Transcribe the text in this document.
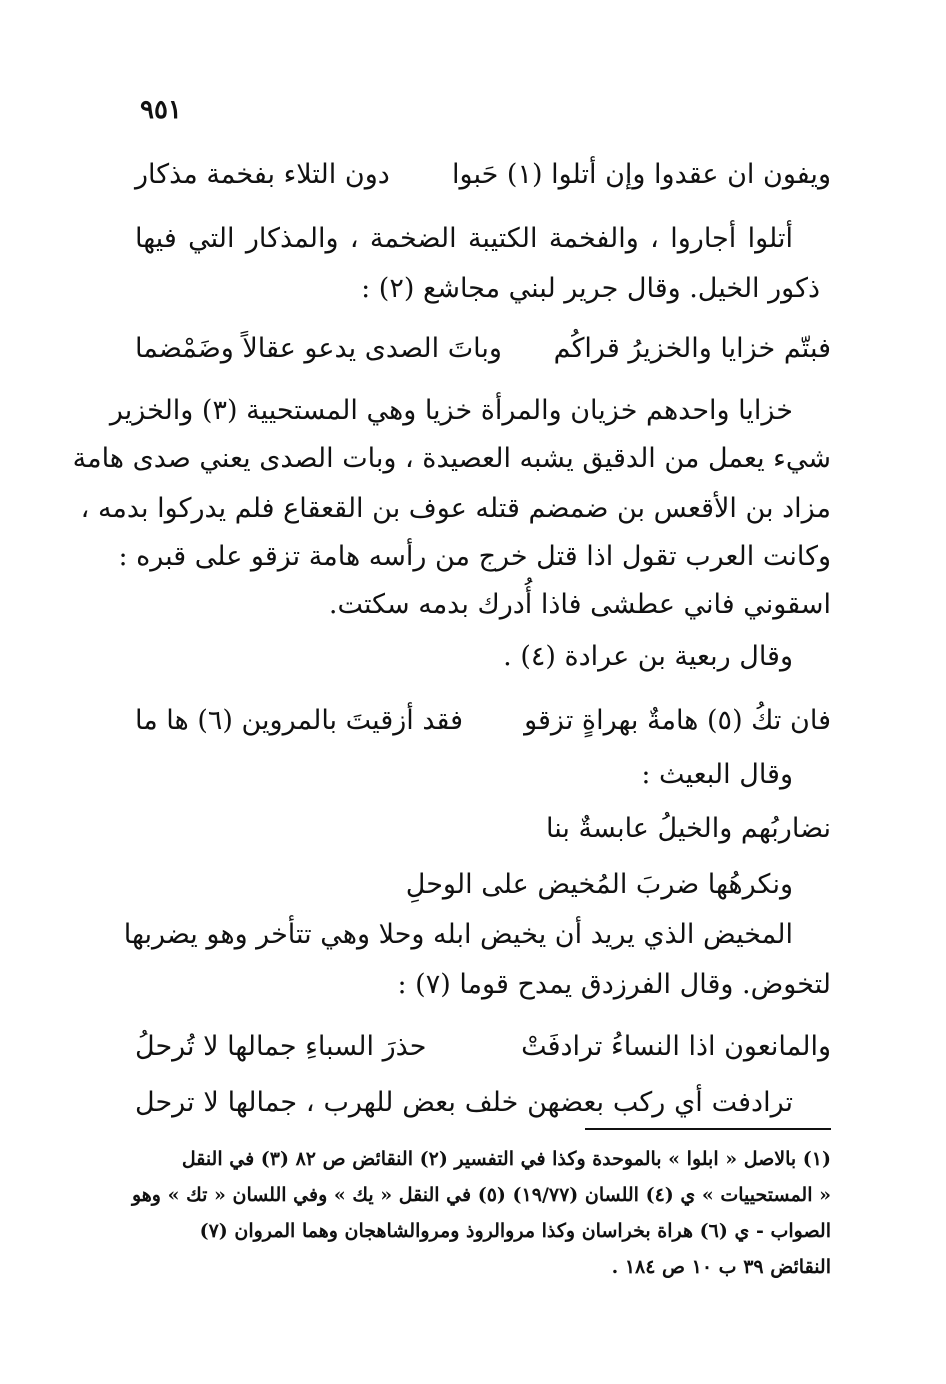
٩٥١
ويفون ان عقدوا وإن أتلوا (١) حَبوا
دون التلاء بفخمة مذكار
أتلوا أجاروا ، والفخمة الكتيبة الضخمة ، والمذكار التي فيها
ذكور الخيل. وقال جرير لبني مجاشع (٢) :
فبتّم خزايا والخزيرُ قراكُم
وباتَ الصدى يدعو عقالاً وضَمْضما
خزايا واحدهم خزيان والمرأة خزيا وهي المستحيية (٣) والخزير
شيء يعمل من الدقيق يشبه العصيدة ، وبات الصدى يعني صدى هامة
مزاد بن الأقعس بن ضمضم قتله عوف بن القعقاع فلم يدركوا بدمه ،
وكانت العرب تقول اذا قتل خرج من رأسه هامة تزقو على قبره :
اسقوني فاني عطشى فاذا أُدرك بدمه سكتت.
وقال ربعية بن عرادة (٤) .
فان تكُ (٥) هامةٌ بهراةٍ تزقو
فقد أزقيتَ بالمروين (٦) ها ما
وقال البعيث :
نضاربُهم والخيلُ عابسةٌ بنا
ونكرهُها ضربَ المُخيض على الوحلِ
المخيض الذي يريد أن يخيض ابله وحلا وهي تتأخر وهو يضربها
لتخوض. وقال الفرزدق يمدح قوما (٧) :
والمانعون اذا النساءُ ترادفَتْ
حذرَ السباءِ جمالها لا تُرحلُ
ترادفت أي ركب بعضهن خلف بعض للهرب ، جمالها لا ترحل
(١) بالاصل « ابلوا » بالموحدة وكذا في التفسير (٢) النقائض ص ٨٢ (٣) في النقل
« المستحييات » ي (٤) اللسان (١٩/٧٧) (٥) في النقل « يك » وفي اللسان « تك » وهو
الصواب - ي (٦) هراة بخراسان وكذا مروالروذ ومروالشاهجان وهما المروان (٧)
النقائض ٣٩ ب ١٠ ص ١٨٤ .
